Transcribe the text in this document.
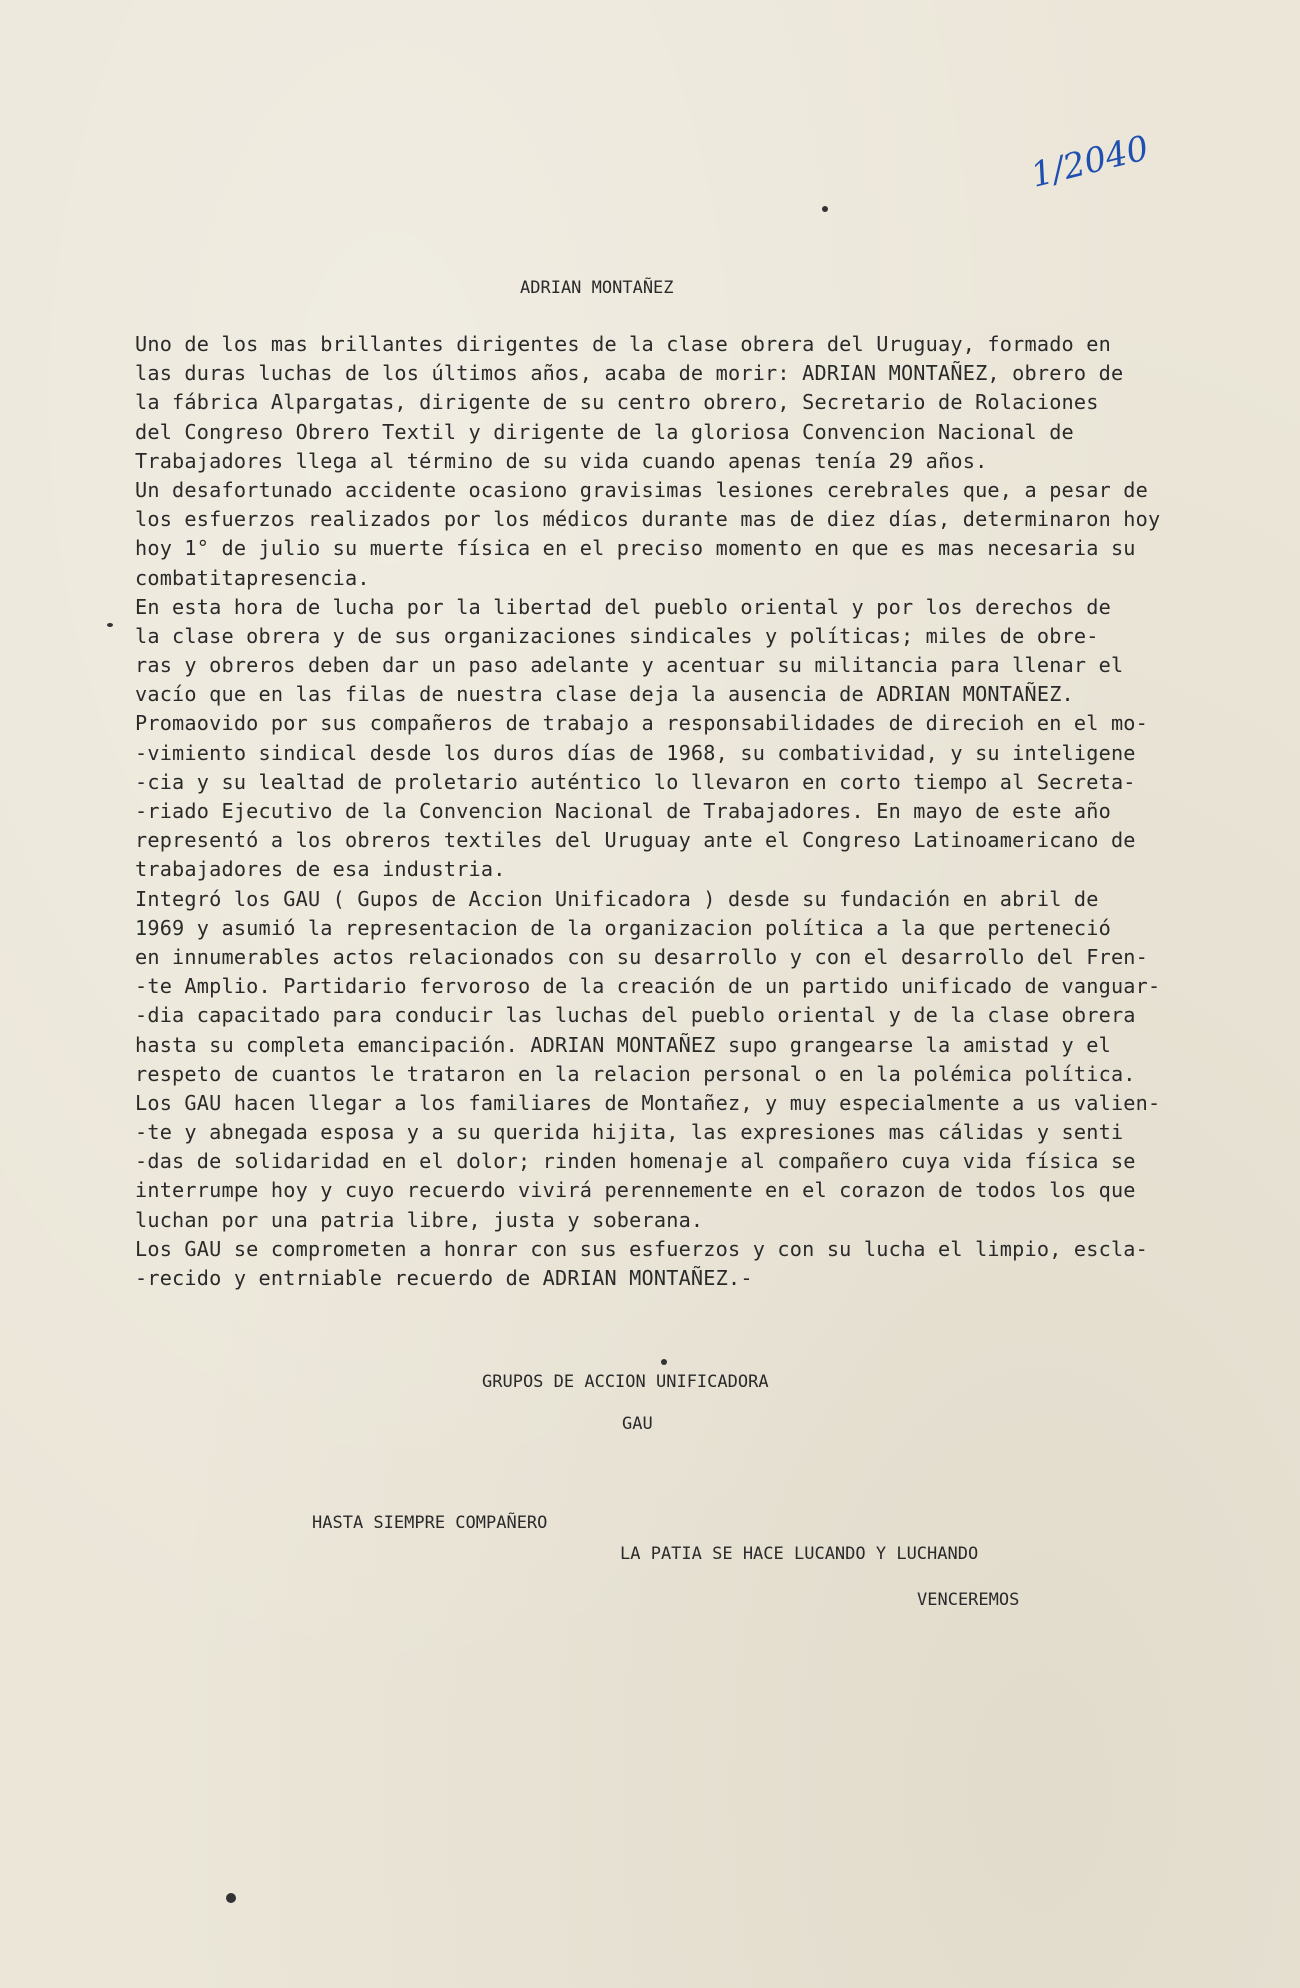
1/2040
ADRIAN MONTAÑEZ
Uno de los mas brillantes dirigentes de la clase obrera del Uruguay, formado en
las duras luchas de los últimos años, acaba de morir: ADRIAN MONTAÑEZ, obrero de
la fábrica Alpargatas, dirigente de su centro obrero, Secretario de Rolaciones
del Congreso Obrero Textil y dirigente de la gloriosa Convencion Nacional de
Trabajadores llega al término de su vida cuando apenas tenía 29 años.
Un desafortunado accidente ocasiono gravisimas lesiones cerebrales que, a pesar de
los esfuerzos realizados por los médicos durante mas de diez días, determinaron hoy
hoy 1° de julio su muerte física en el preciso momento en que es mas necesaria su
combatitapresencia.
En esta hora de lucha por la libertad del pueblo oriental y por los derechos de
la clase obrera y de sus organizaciones sindicales y políticas; miles de obre-
ras y obreros deben dar un paso adelante y acentuar su militancia para llenar el
vacío que en las filas de nuestra clase deja la ausencia de ADRIAN MONTAÑEZ.
Promaovido por sus compañeros de trabajo a responsabilidades de direcioh en el mo-
-vimiento sindical desde los duros días de 1968, su combatividad, y su inteligene
-cia y su lealtad de proletario auténtico lo llevaron en corto tiempo al Secreta-
-riado Ejecutivo de la Convencion Nacional de Trabajadores. En mayo de este año
representó a los obreros textiles del Uruguay ante el Congreso Latinoamericano de
trabajadores de esa industria.
Integró los GAU ( Gupos de Accion Unificadora ) desde su fundación en abril de
1969 y asumió la representacion de la organizacion política a la que perteneció
en innumerables actos relacionados con su desarrollo y con el desarrollo del Fren-
-te Amplio. Partidario fervoroso de la creación de un partido unificado de vanguar-
-dia capacitado para conducir las luchas del pueblo oriental y de la clase obrera
hasta su completa emancipación. ADRIAN MONTAÑEZ supo grangearse la amistad y el
respeto de cuantos le trataron en la relacion personal o en la polémica política.
Los GAU hacen llegar a los familiares de Montañez, y muy especialmente a us valien-
-te y abnegada esposa y a su querida hijita, las expresiones mas cálidas y senti
-das de solidaridad en el dolor; rinden homenaje al compañero cuya vida física se
interrumpe hoy y cuyo recuerdo vivirá perennemente en el corazon de todos los que
luchan por una patria libre, justa y soberana.
Los GAU se comprometen a honrar con sus esfuerzos y con su lucha el limpio, escla-
-recido y entrniable recuerdo de ADRIAN MONTAÑEZ.-
GRUPOS DE ACCION UNIFICADORA
GAU
HASTA SIEMPRE COMPAÑERO
LA PATIA SE HACE LUCANDO Y LUCHANDO
VENCEREMOS
